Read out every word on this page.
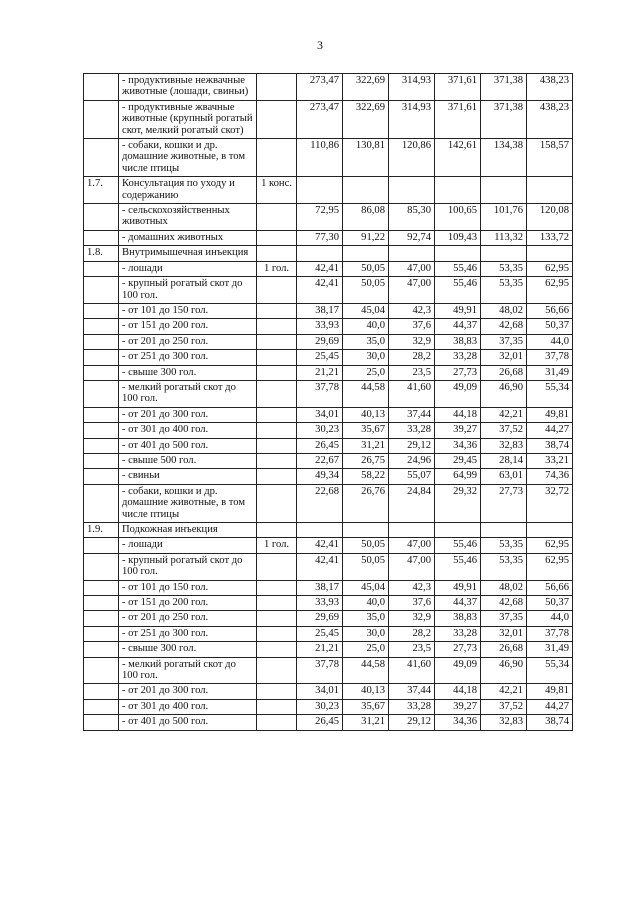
3
	- продуктивные нежвачные животные (лошади, свиньи)		273,47	322,69	314,93	371,61	371,38	438,23
	- продуктивные жвачные животные (крупный рогатый скот, мелкий рогатый скот)		273,47	322,69	314,93	371,61	371,38	438,23
	- собаки, кошки и др. домашние животные, в том числе птицы		110,86	130,81	120,86	142,61	134,38	158,57
1.7.	Консультация по уходу и содержанию	1 конс.						
	- сельскохозяйственных животных		72,95	86,08	85,30	100,65	101,76	120,08
	- домашних животных		77,30	91,22	92,74	109,43	113,32	133,72
1.8.	Внутримышечная инъекция							
	- лошади	1 гол.	42,41	50,05	47,00	55,46	53,35	62,95
	- крупный рогатый скот до 100 гол.		42,41	50,05	47,00	55,46	53,35	62,95
	- от 101 до 150 гол.		38,17	45,04	42,3	49,91	48,02	56,66
	- от 151 до 200 гол.		33,93	40,0	37,6	44,37	42,68	50,37
	- от 201 до 250 гол.		29,69	35,0	32,9	38,83	37,35	44,0
	- от 251 до 300 гол.		25,45	30,0	28,2	33,28	32,01	37,78
	- свыше 300 гол.		21,21	25,0	23,5	27,73	26,68	31,49
	- мелкий рогатый скот до 100 гол.		37,78	44,58	41,60	49,09	46,90	55,34
	- от 201 до 300 гол.		34,01	40,13	37,44	44,18	42,21	49,81
	- от 301 до 400 гол.		30,23	35,67	33,28	39,27	37,52	44,27
	- от 401 до 500 гол.		26,45	31,21	29,12	34,36	32,83	38,74
	- свыше 500 гол.		22,67	26,75	24,96	29,45	28,14	33,21
	- свиньи		49,34	58,22	55,07	64,99	63,01	74,36
	- собаки, кошки и др. домашние животные, в том числе птицы		22,68	26,76	24,84	29,32	27,73	32,72
1.9.	Подкожная инъекция							
	- лошади	1 гол.	42,41	50,05	47,00	55,46	53,35	62,95
	- крупный рогатый скот до 100 гол.		42,41	50,05	47,00	55,46	53,35	62,95
	- от 101 до 150 гол.		38,17	45,04	42,3	49,91	48,02	56,66
	- от 151 до 200 гол.		33,93	40,0	37,6	44,37	42,68	50,37
	- от 201 до 250 гол.		29,69	35,0	32,9	38,83	37,35	44,0
	- от 251 до 300 гол.		25,45	30,0	28,2	33,28	32,01	37,78
	- свыше 300 гол.		21,21	25,0	23,5	27,73	26,68	31,49
	- мелкий рогатый скот до 100 гол.		37,78	44,58	41,60	49,09	46,90	55,34
	- от 201 до 300 гол.		34,01	40,13	37,44	44,18	42,21	49,81
	- от 301 до 400 гол.		30,23	35,67	33,28	39,27	37,52	44,27
	- от 401 до 500 гол.		26,45	31,21	29,12	34,36	32,83	38,74
